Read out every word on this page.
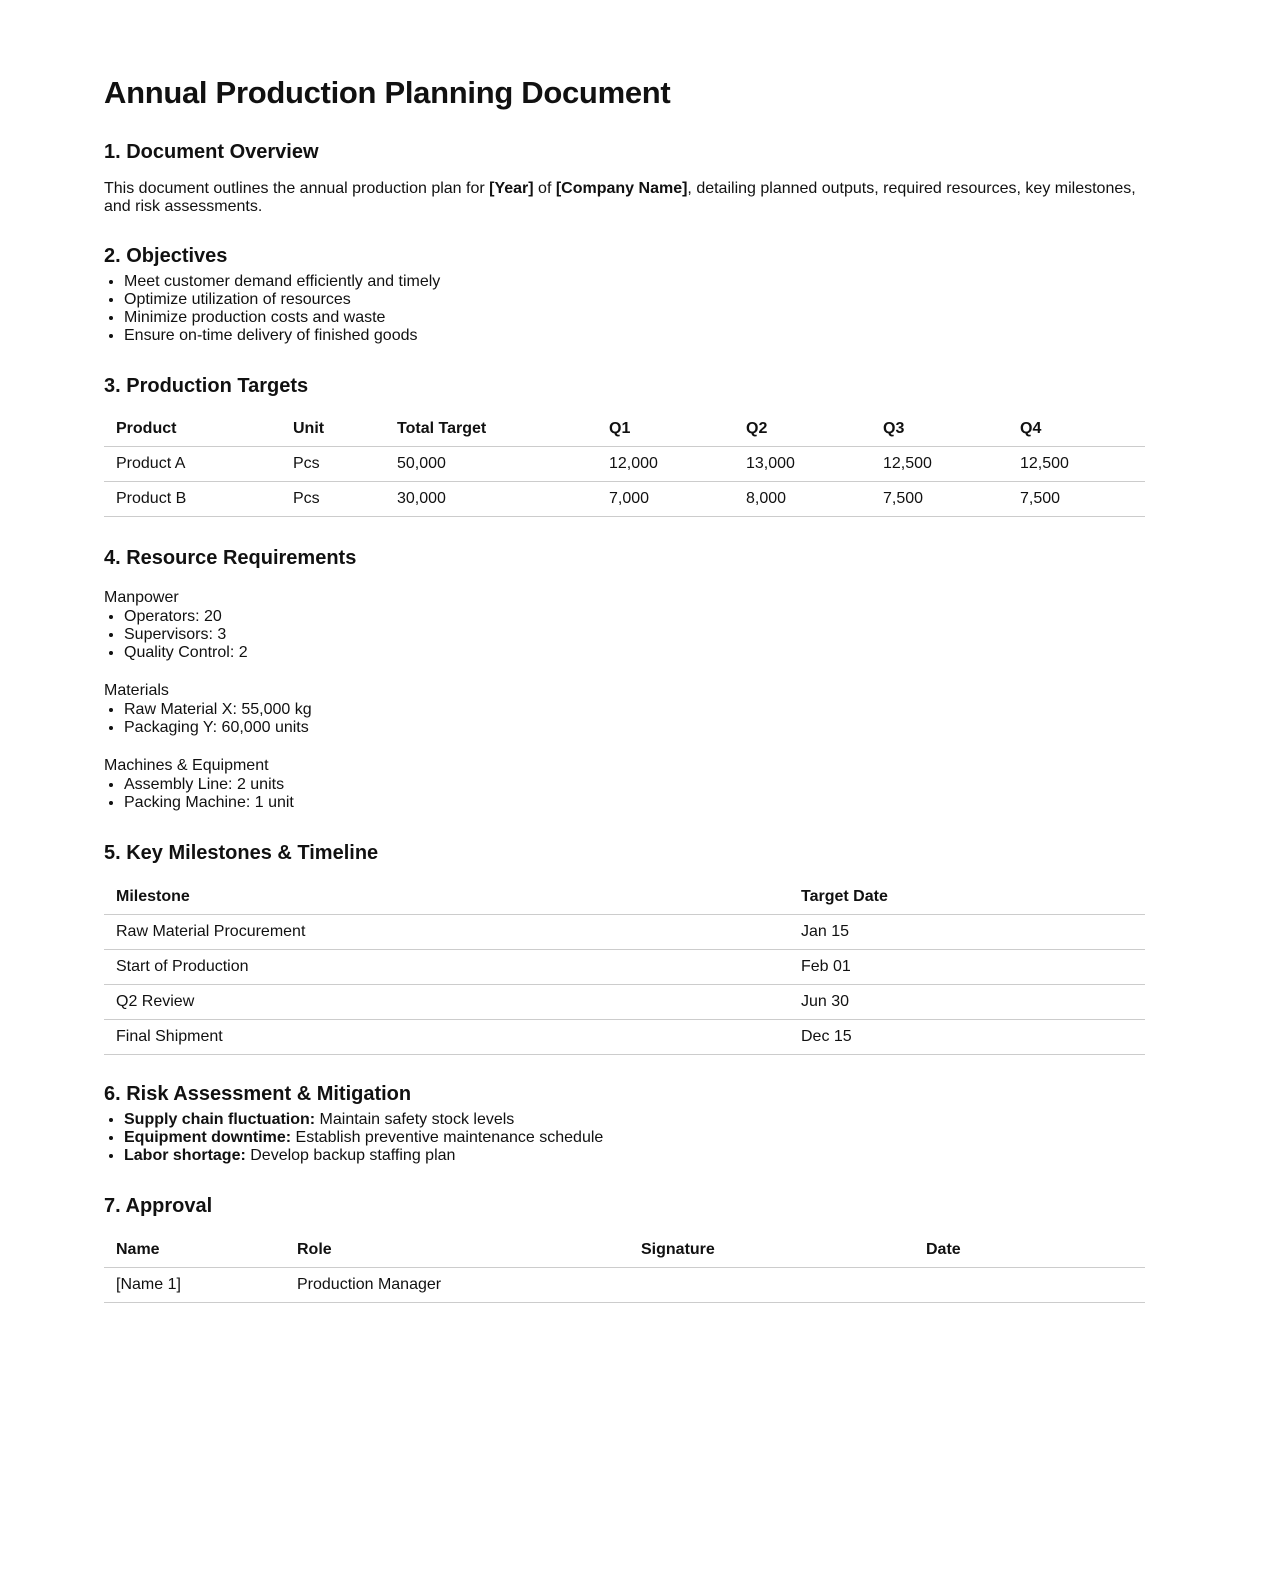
Annual Production Planning Document
1. Document Overview

This document outlines the annual production plan for [Year] of [Company Name], detailing planned outputs, required resources, key milestones, and risk assessments.

2. Objectives
• Meet customer demand efficiently and timely
• Optimize utilization of resources
• Minimize production costs and waste
• Ensure on-time delivery of finished goods
3. Production Targets
Product	Unit	Total Target	Q1	Q2	Q3	Q4
Product A	Pcs	50,000	12,000	13,000	12,500	12,500
Product B	Pcs	30,000	7,000	8,000	7,500	7,500
4. Resource Requirements

Manpower

• Operators: 20
• Supervisors: 3
• Quality Control: 2

Materials

• Raw Material X: 55,000 kg
• Packaging Y: 60,000 units

Machines & Equipment

• Assembly Line: 2 units
• Packing Machine: 1 unit
5. Key Milestones & Timeline
Milestone	Target Date
Raw Material Procurement	Jan 15
Start of Production	Feb 01
Q2 Review	Jun 30
Final Shipment	Dec 15
6. Risk Assessment & Mitigation
• Supply chain fluctuation: Maintain safety stock levels
• Equipment downtime: Establish preventive maintenance schedule
• Labor shortage: Develop backup staffing plan
7. Approval
Name	Role	Signature	Date
[Name 1]	Production Manager		
